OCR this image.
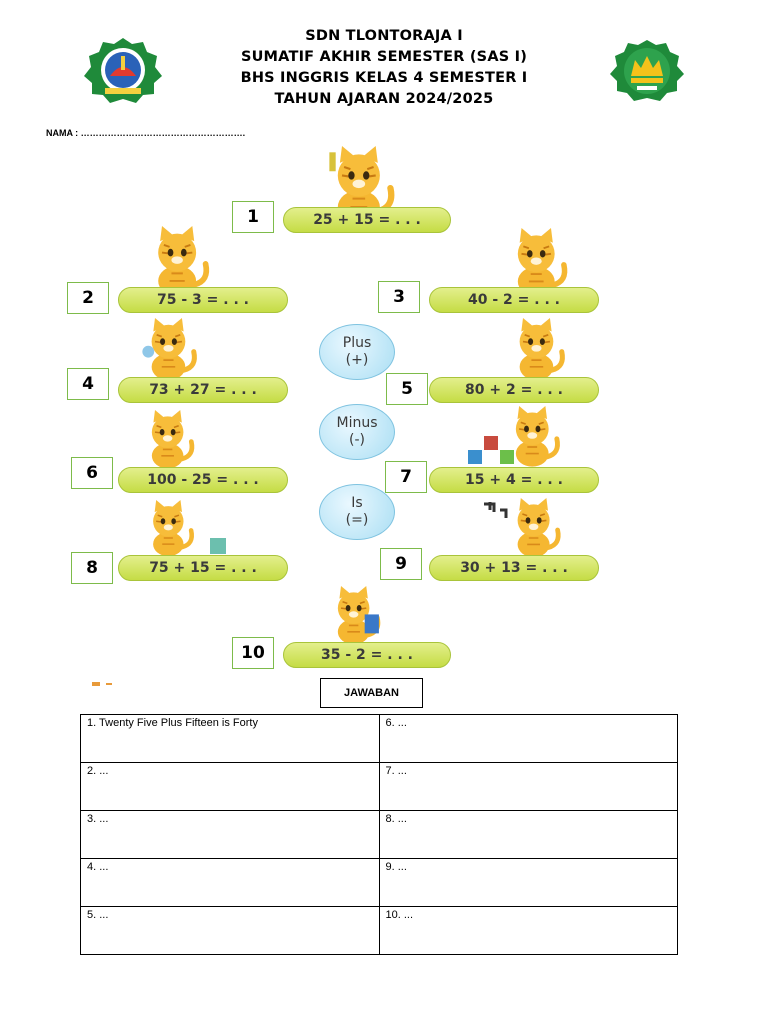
SDN TLONTORAJA I
SUMATIF AKHIR SEMESTER (SAS I)
BHS INGGRIS KELAS 4 SEMESTER I
TAHUN AJARAN 2024/2025
NAMA : ……………………………………………….
1
2	3
4	5
6	7
8	9
10
25 + 15 = . . .
75 - 3 = . . .	40 - 2 = . . .
73 + 27 = . . .	80 + 2 = . . .
100 - 25 = . . .	15 + 4 = . . .
75 + 15 = . . .	30 + 13 = . . .
35 - 2 = . . .
Plus
(+)
Minus
(-)
Is
(=)
JAWABAN
1. Twenty Five Plus Fifteen is Forty	6. ...
2. ...	7. ...
3. ...	8. ...
4. ...	9. ...
5. ...	10. ...
